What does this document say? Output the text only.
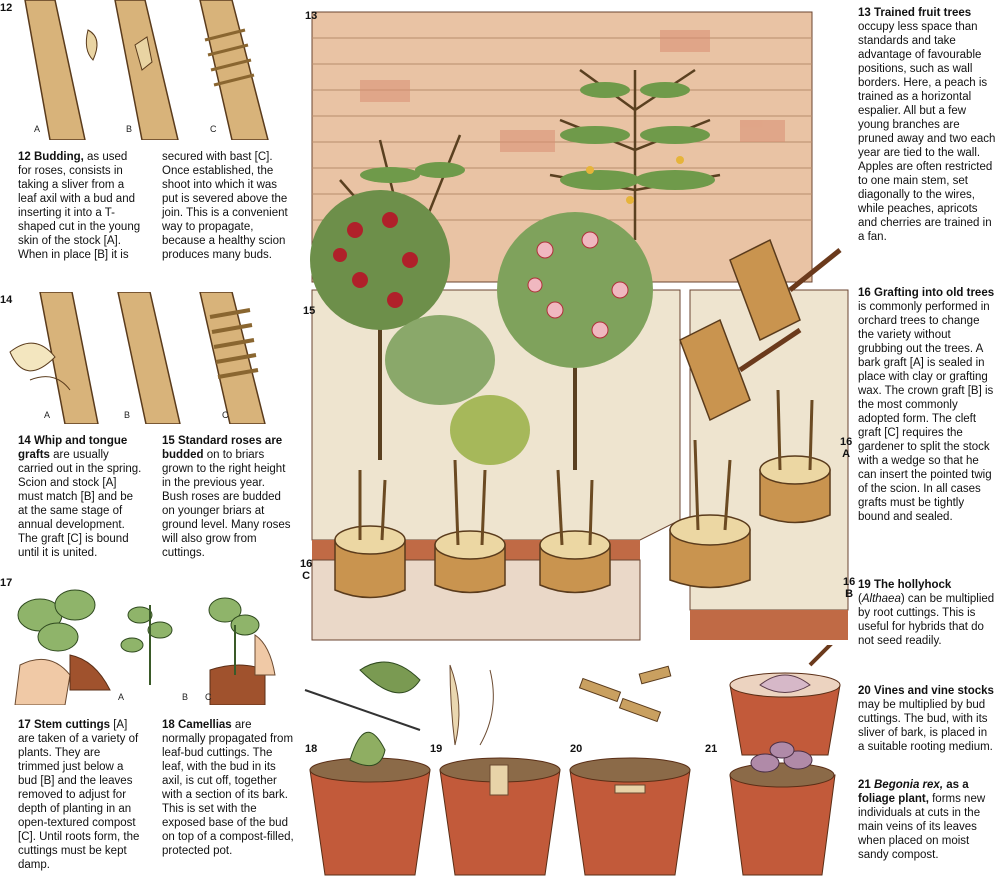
12
A	B	C
12 Budding, as used for roses, consists in taking a sliver from a leaf axil with a bud and inserting it into a T-shaped cut in the young skin of the stock [A]. When in place [B] it is
secured with bast [C]. Once established, the shoot into which it was put is severed above the join. This is a convenient way to propagate, because a healthy scion produces many buds.
14
A	B	C
14 Whip and tongue grafts are usually carried out in the spring. Scion and stock [A] must match [B] and be at the same stage of annual development. The graft [C] is bound until it is united.
15 Standard roses are budded on to briars grown to the right height in the previous year. Bush roses are budded on younger briars at ground level. Many roses will also grow from cuttings.
17
A	B C
17 Stem cuttings [A] are taken of a variety of plants. They are trimmed just below a bud [B] and the leaves removed to adjust for depth of planting in an open-textured compost [C]. Until roots form, the cuttings must be kept damp.
18 Camellias are normally propagated from leaf-bud cuttings. The leaf, with the bud in its axil, is cut off, together with a section of its bark. This is set with the exposed base of the bud on top of a compost-filled, protected pot.
13
15
16
A
16
B
16
C
18	19	20	21
13 Trained fruit trees occupy less space than standards and take advantage of favourable positions, such as wall borders. Here, a peach is trained as a horizontal espalier. All but a few young branches are pruned away and two each year are tied to the wall. Apples are often restricted to one main stem, set diagonally to the wires, while peaches, apricots and cherries are trained in a fan.
16 Grafting into old trees is commonly performed in orchard trees to change the variety without grubbing out the trees. A bark graft [A] is sealed in place with clay or grafting wax. The crown graft [B] is the most commonly adopted form. The cleft graft [C] requires the gardener to split the stock with a wedge so that he can insert the pointed twig of the scion. In all cases grafts must be tightly bound and sealed.
19 The hollyhock (Althaea) can be multiplied by root cuttings. This is useful for hybrids that do not seed readily.
20 Vines and vine stocks may be multiplied by bud cuttings. The bud, with its sliver of bark, is placed in a suitable rooting medium.
21 Begonia rex, as a foliage plant, forms new individuals at cuts in the main veins of its leaves when placed on moist sandy compost.
